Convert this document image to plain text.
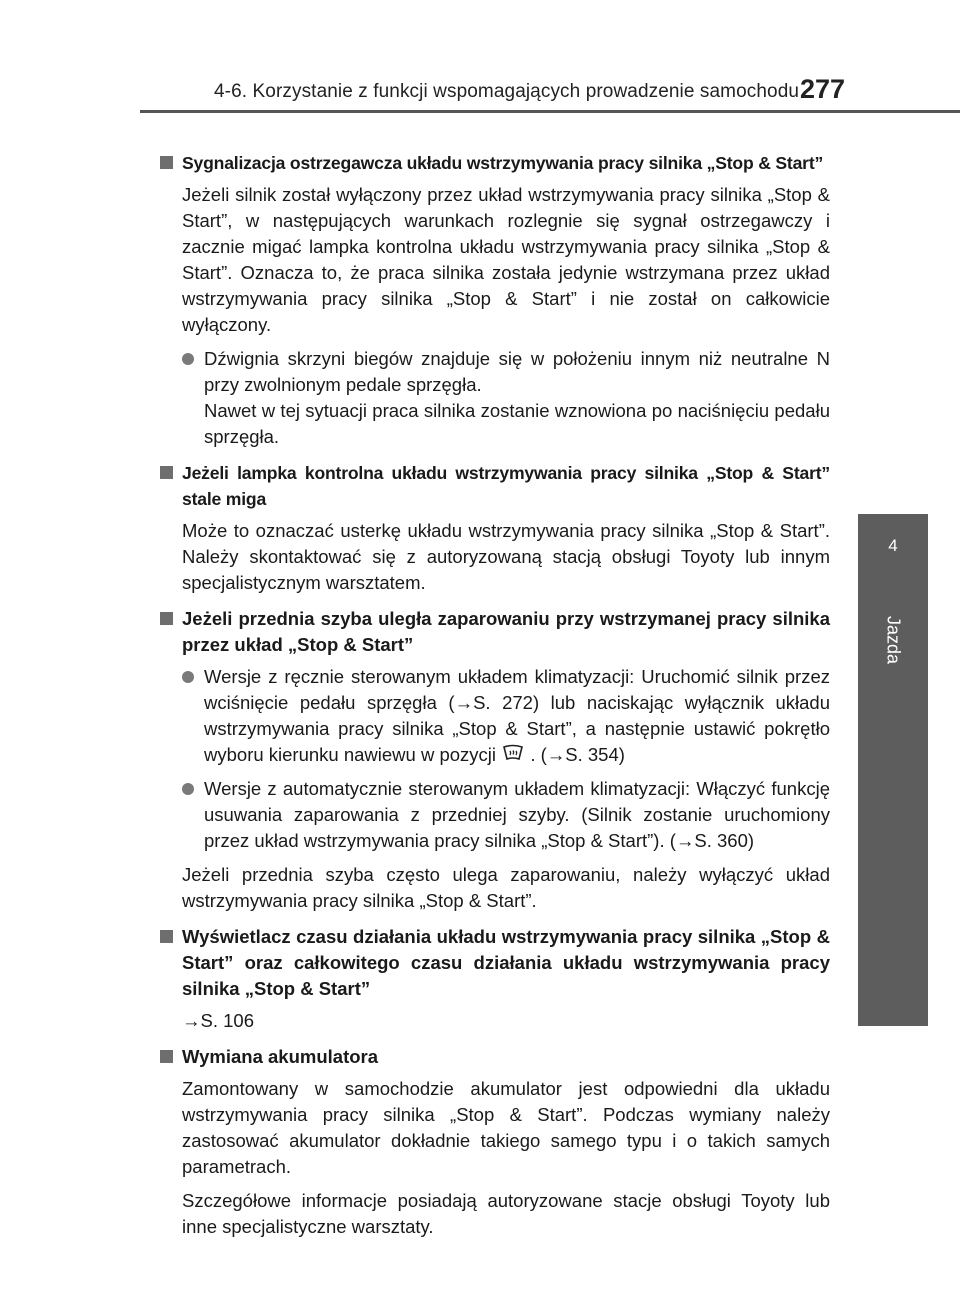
4-6. Korzystanie z funkcji wspomagających prowadzenie samochodu 277
4
Jazda
Sygnalizacja ostrzegawcza układu wstrzymywania pracy silnika „Stop & Start”
Jeżeli silnik został wyłączony przez układ wstrzymywania pracy silnika „Stop & Start”, w następujących warunkach rozlegnie się sygnał ostrzegawczy i zacznie migać lampka kontrolna układu wstrzymywania pracy silnika „Stop & Start”. Oznacza to, że praca silnika została jedynie wstrzymana przez układ wstrzymywania pracy silnika „Stop & Start” i nie został on całkowicie wyłączony.
Dźwignia skrzyni biegów znajduje się w położeniu innym niż neutralne N przy zwolnionym pedale sprzęgła.
Nawet w tej sytuacji praca silnika zostanie wznowiona po naciśnięciu pedału sprzęgła.
Jeżeli lampka kontrolna układu wstrzymywania pracy silnika „Stop & Start” stale miga
Może to oznaczać usterkę układu wstrzymywania pracy silnika „Stop & Start”. Należy skontaktować się z autoryzowaną stacją obsługi Toyoty lub innym specjalistycznym warsztatem.
Jeżeli przednia szyba uległa zaparowaniu przy wstrzymanej pracy silnika przez układ „Stop & Start”
Wersje z ręcznie sterowanym układem klimatyzacji: Uruchomić silnik przez wciśnięcie pedału sprzęgła (→S. 272) lub naciskając wyłącznik układu wstrzymywania pracy silnika „Stop & Start”, a następnie ustawić pokrętło wyboru kierunku nawiewu w pozycji  . (→S. 354)
Wersje z automatycznie sterowanym układem klimatyzacji: Włączyć funkcję usuwania zaparowania z przedniej szyby. (Silnik zostanie uruchomiony przez układ wstrzymywania pracy silnika „Stop & Start”). (→S. 360)
Jeżeli przednia szyba często ulega zaparowaniu, należy wyłączyć układ wstrzymywania pracy silnika „Stop & Start”.
Wyświetlacz czasu działania układu wstrzymywania pracy silnika „Stop & Start” oraz całkowitego czasu działania układu wstrzymywania pracy silnika „Stop & Start”
→S. 106
Wymiana akumulatora
Zamontowany w samochodzie akumulator jest odpowiedni dla układu wstrzymywania pracy silnika „Stop & Start”. Podczas wymiany należy zastosować akumulator dokładnie takiego samego typu i o takich samych parametrach.
Szczegółowe informacje posiadają autoryzowane stacje obsługi Toyoty lub inne specjalistyczne warsztaty.
